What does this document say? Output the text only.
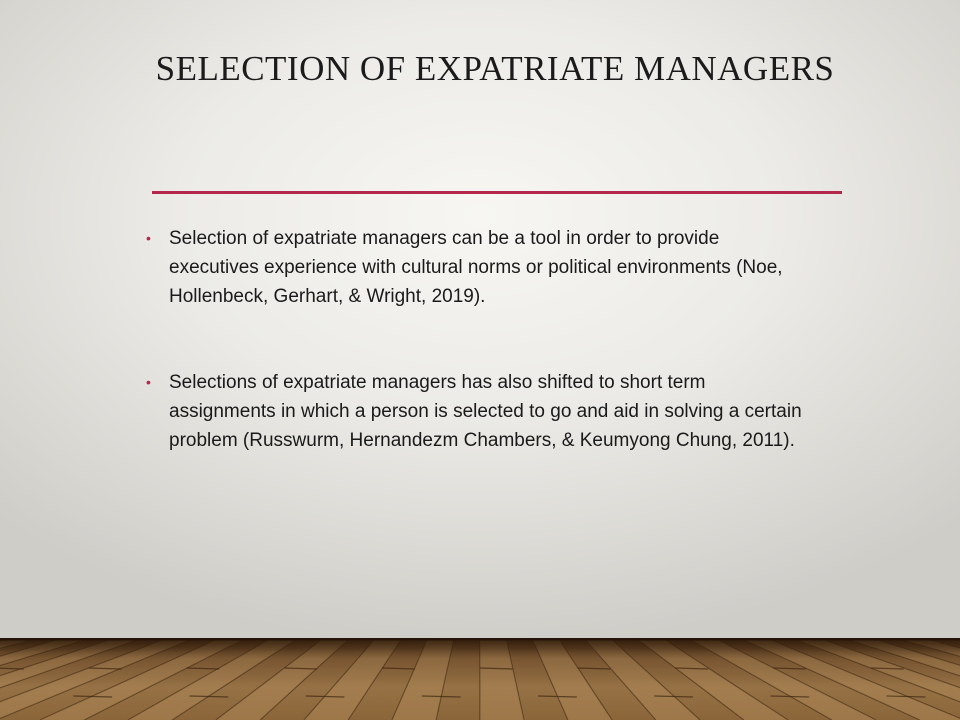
SELECTION OF EXPATRIATE MANAGERS
• Selection of expatriate managers can be a tool in order to provide executives experience with cultural norms or political environments (Noe, Hollenbeck, Gerhart, & Wright, 2019).
• Selections of expatriate managers has also shifted to short term assignments in which a person is selected to go and aid in solving a certain problem (Russwurm, Hernandezm Chambers, & Keumyong Chung, 2011).
